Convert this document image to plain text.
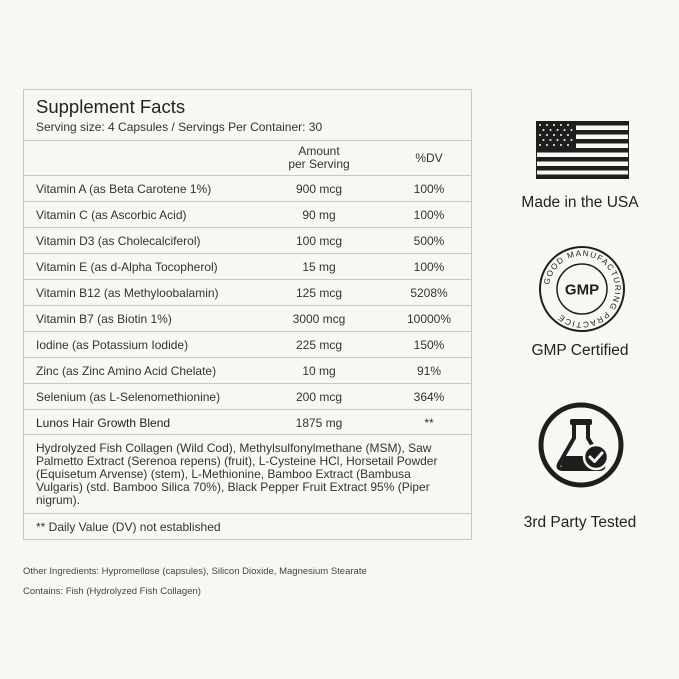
Supplement Facts
Serving size: 4 Capsules / Servings Per Container: 30
Amount
per Serving	%DV
Vitamin A (as Beta Carotene 1%)	900 mcg	100%
Vitamin C (as Ascorbic Acid)	90 mg	100%
Vitamin D3 (as Cholecalciferol)	100 mcg	500%
Vitamin E (as d-Alpha Tocopherol)	15 mg	100%
Vitamin B12 (as Methyloobalamin)	125 mcg	5208%
Vitamin B7 (as Biotin 1%)	3000 mcg	10000%
Iodine (as Potassium Iodide)	225 mcg	150%
Zinc (as Zinc Amino Acid Chelate)	10 mg	91%
Selenium (as L-Selenomethionine)	200 mcg	364%
Lunos Hair Growth Blend	1875 mg	**
Hydrolyzed Fish Collagen (Wild Cod), Methylsulfonylmethane (MSM), Saw Palmetto Extract (Serenoa repens) (fruit), L-Cysteine HCl, Horsetail Powder (Equisetum Arvense) (stem), L-Methionine, Bamboo Extract (Bambusa Vulgaris) (std. Bamboo Silica 70%), Black Pepper Fruit Extract 95% (Piper nigrum).
** Daily Value (DV) not established
Other Ingredients: Hypromellose (capsules), Silicon Dioxide, Magnesium Stearate
Contains: Fish (Hydrolyzed Fish Collagen)
Made in the USA
GOOD MANUFACTURING PRACTICE
GMP
GMP Certified
3rd Party Tested
